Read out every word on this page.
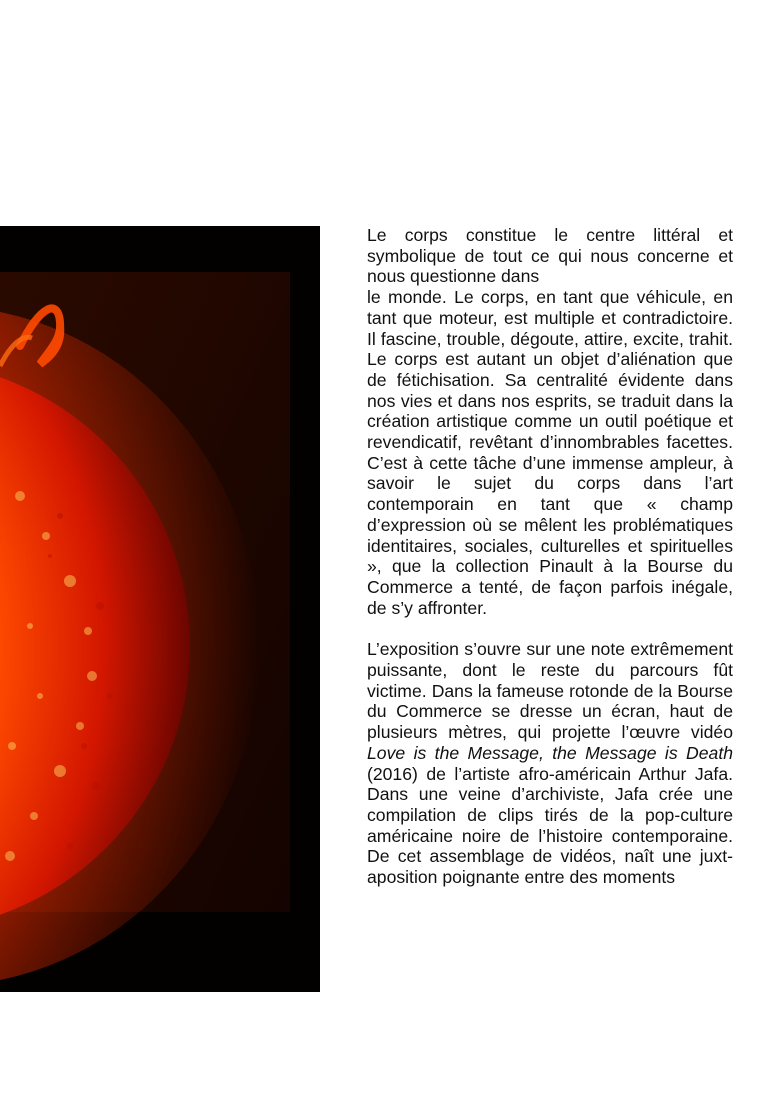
Le corps constitue le centre littéral et symbolique de tout ce qui nous concerne et nous questionne dans

le monde. Le corps, en tant que véhicule, en tant que moteur, est multiple et contradictoire. Il fascine, trouble, dégoute, attire, excite, trahit. Le corps est autant un objet d’aliénation que de fétichisation. Sa centralité évidente dans nos vies et dans nos esprits, se traduit dans la création artistique comme un outil poétique et revendicatif, revêtant d’innombrables facettes. C’est à cette tâche d’une immense ampleur, à savoir le sujet du corps dans l’art contemporain en tant que « champ d’expression où se mêlent les problématiques identitaires, sociales, culturelles et spirituelles », que la collection Pinault à la Bourse du Commerce a tenté, de façon parfois inégale, de s’y affronter.

L’exposition s’ouvre sur une note extrêmement puissante, dont le reste du parcours fût victime. Dans la fameuse rotonde de la Bourse du Commerce se dresse un écran, haut de plusieurs mètres, qui projette l’œuvre vidéo Love is the Message, the Message is Death (2016) de l’artiste afro-américain Arthur Jafa. Dans une veine d’archiviste, Jafa crée une compilation de clips tirés de la pop-culture américaine noire de l’histoire contemporaine. De cet assemblage de vidéos, naît une juxt-aposition poignante entre des moments
